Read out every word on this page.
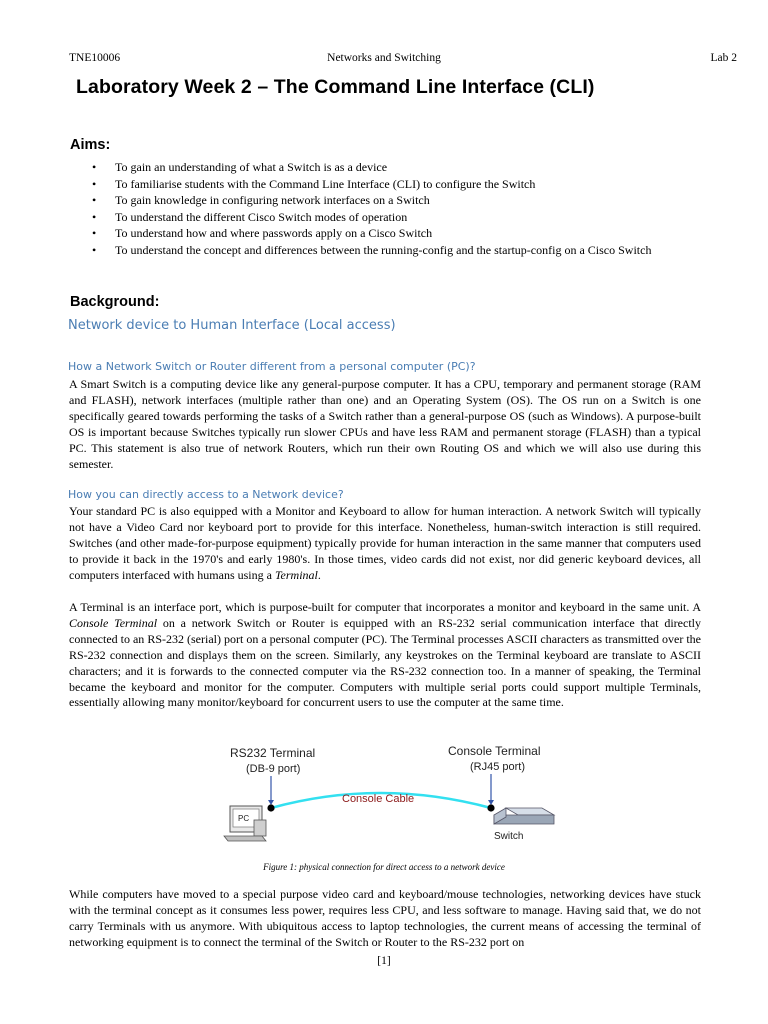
TNE10006	Networks and Switching	Lab 2
Laboratory Week 2 – The Command Line Interface (CLI)
Aims:
• To gain an understanding of what a Switch is as a device
• To familiarise students with the Command Line Interface (CLI) to configure the Switch
• To gain knowledge in configuring network interfaces on a Switch
• To understand the different Cisco Switch modes of operation
• To understand how and where passwords apply on a Cisco Switch
• To understand the concept and differences between the running-config and the startup-config on a Cisco Switch
Background:
Network device to Human Interface (Local access)
How a Network Switch or Router different from a personal computer (PC)?

A Smart Switch is a computing device like any general-purpose computer. It has a CPU, temporary and permanent storage (RAM and FLASH), network interfaces (multiple rather than one) and an Operating System (OS). The OS run on a Switch is one specifically geared towards performing the tasks of a Switch rather than a general-purpose OS (such as Windows). A purpose-built OS is important because Switches typically run slower CPUs and have less RAM and permanent storage (FLASH) than a typical PC. This statement is also true of network Routers, which run their own Routing OS and which we will also use during this semester.

How you can directly access to a Network device?

Your standard PC is also equipped with a Monitor and Keyboard to allow for human interaction. A network Switch will typically not have a Video Card nor keyboard port to provide for this interface. Nonetheless, human-switch interaction is still required. Switches (and other made-for-purpose equipment) typically provide for human interaction in the same manner that computers used to provide it back in the 1970's and early 1980's. In those times, video cards did not exist, nor did generic keyboard devices, all computers interfaced with humans using a Terminal.

A Terminal is an interface port, which is purpose-built for computer that incorporates a monitor and keyboard in the same unit. A Console Terminal on a network Switch or Router is equipped with an RS-232 serial communication interface that directly connected to an RS-232 (serial) port on a personal computer (PC). The Terminal processes ASCII characters as transmitted over the RS-232 connection and displays them on the screen. Similarly, any keystrokes on the Terminal keyboard are translate to ASCII characters; and it is forwards to the connected computer via the RS-232 connection too. In a manner of speaking, the Terminal became the keyboard and monitor for the computer. Computers with multiple serial ports could support multiple Terminals, essentially allowing many monitor/keyboard for concurrent users to use the computer at the same time.

RS232 Terminal
(DB-9 port)
Console Terminal
(RJ45 port)
Console Cable
PC
Switch
Figure 1: physical connection for direct access to a network device

While computers have moved to a special purpose video card and keyboard/mouse technologies, networking devices have stuck with the terminal concept as it consumes less power, requires less CPU, and less software to manage. Having said that, we do not carry Terminals with us anymore. With ubiquitous access to laptop technologies, the current means of accessing the terminal of networking equipment is to connect the terminal of the Switch or Router to the RS-232 port on

[1]
